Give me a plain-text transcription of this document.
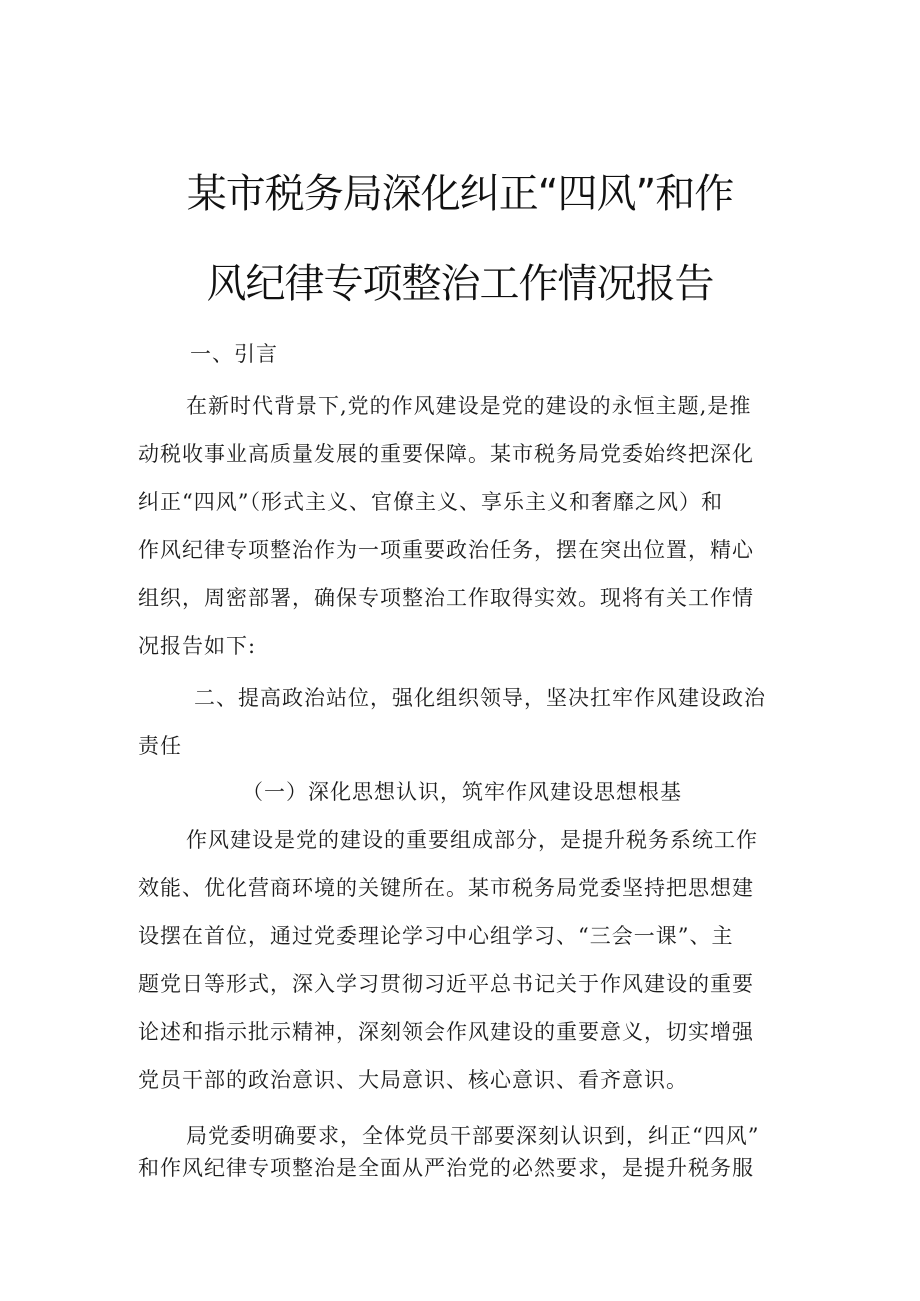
某市税务局深化纠正“四风”和作
风纪律专项整治工作情况报告
一、引言
在新时代背景下,党的作风建设是党的建设的永恒主题,是推
动税收事业高质量发展的重要保障。某市税务局党委始终把深化
纠正“四风”（形式主义、官僚主义、享乐主义和奢靡之风）和
作风纪律专项整治作为一项重要政治任务，摆在突出位置，精心
组织，周密部署，确保专项整治工作取得实效。现将有关工作情
况报告如下:
二、提高政治站位，强化组织领导，坚决扛牢作风建设政治
责任
（一）深化思想认识，筑牢作风建设思想根基
作风建设是党的建设的重要组成部分，是提升税务系统工作
效能、优化营商环境的关键所在。某市税务局党委坚持把思想建
设摆在首位，通过党委理论学习中心组学习、“三会一课”、主
题党日等形式，深入学习贯彻习近平总书记关于作风建设的重要
论述和指示批示精神，深刻领会作风建设的重要意义，切实增强
党员干部的政治意识、大局意识、核心意识、看齐意识。
局党委明确要求，全体党员干部要深刻认识到，纠正“四风”
和作风纪律专项整治是全面从严治党的必然要求，是提升税务服
